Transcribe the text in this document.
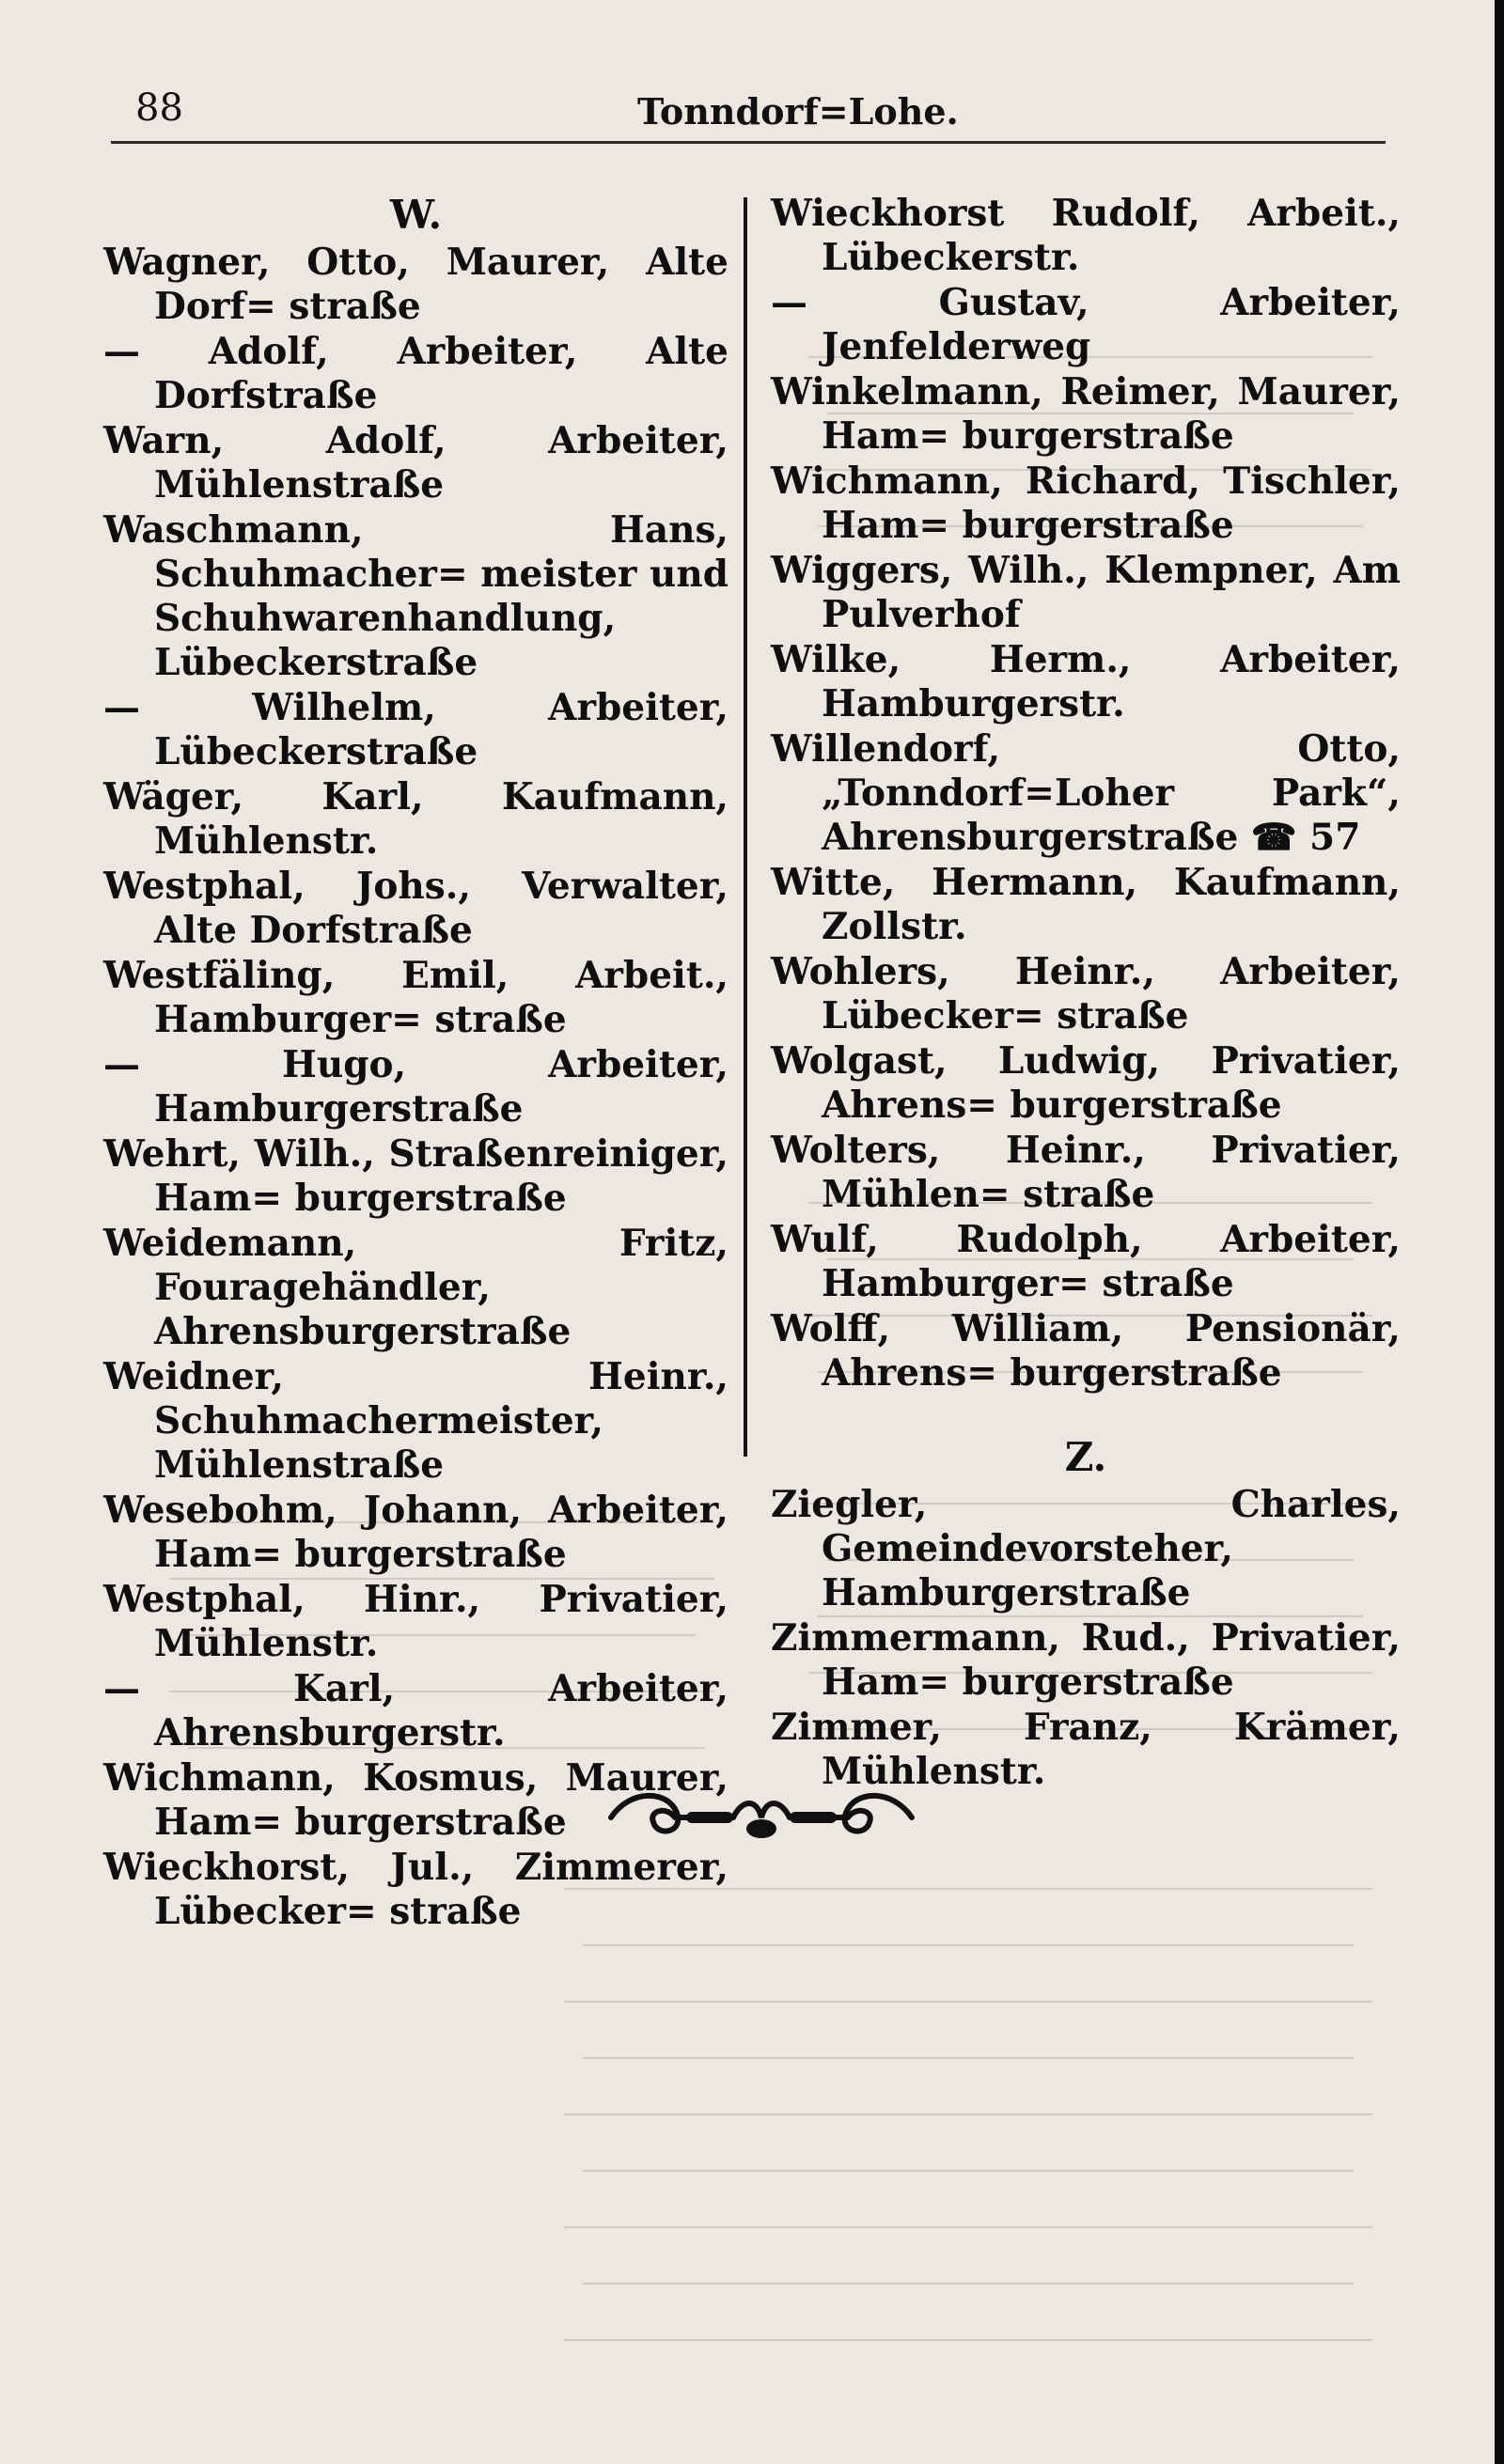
88	Tonndorf=Lohe.
W.
Wagner, Otto, Maurer, Alte Dorf= straße
— Adolf, Arbeiter, Alte Dorfstraße
Warn, Adolf, Arbeiter, Mühlenstraße
Waschmann, Hans, Schuhmacher= meister und Schuhwarenhandlung, Lübeckerstraße
— Wilhelm, Arbeiter, Lübeckerstraße
Wäger, Karl, Kaufmann, Mühlenstr.
Westphal, Johs., Verwalter, Alte Dorfstraße
Westfäling, Emil, Arbeit., Hamburger= straße
— Hugo, Arbeiter, Hamburgerstraße
Wehrt, Wilh., Straßenreiniger, Ham= burgerstraße
Weidemann, Fritz, Fouragehändler, Ahrensburgerstraße
Weidner, Heinr., Schuhmachermeister, Mühlenstraße
Wesebohm, Johann, Arbeiter, Ham= burgerstraße
Westphal, Hinr., Privatier, Mühlenstr.
— Karl, Arbeiter, Ahrensburgerstr.
Wichmann, Kosmus, Maurer, Ham= burgerstraße
Wieckhorst, Jul., Zimmerer, Lübecker= straße
Wieckhorst Rudolf, Arbeit., Lübeckerstr.
— Gustav, Arbeiter, Jenfelderweg
Winkelmann, Reimer, Maurer, Ham= burgerstraße
Wichmann, Richard, Tischler, Ham= burgerstraße
Wiggers, Wilh., Klempner, Am Pulverhof
Wilke, Herm., Arbeiter, Hamburgerstr.
Willendorf, Otto, „Tonndorf=Loher Park“, Ahrensburgerstraße ☎ 57
Witte, Hermann, Kaufmann, Zollstr.
Wohlers, Heinr., Arbeiter, Lübecker= straße
Wolgast, Ludwig, Privatier, Ahrens= burgerstraße
Wolters, Heinr., Privatier, Mühlen= straße
Wulf, Rudolph, Arbeiter, Hamburger= straße
Wolff, William, Pensionär, Ahrens= burgerstraße
Z.
Ziegler, Charles, Gemeindevorsteher, Hamburgerstraße
Zimmermann, Rud., Privatier, Ham= burgerstraße
Zimmer, Franz, Krämer, Mühlenstr.
